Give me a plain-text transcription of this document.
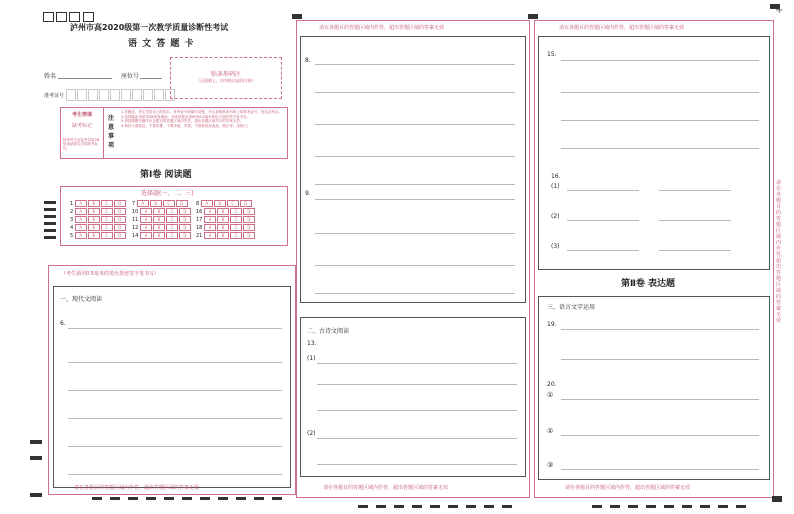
+
泸州市高2020级第一次教学质量诊断性考试
语 文 答 题 卡
姓名	座位号	贴条形码区
（正面朝上，切勿贴出虚线方框）
准考证号
考生禁填
缺考标记
缺考考生由监考员用2B铅笔填涂右边的缺考标记。
注意事项
1.答题前，考生先将自己的姓名、准考证号码填写清楚，并认真核准条形码上的准考证号、姓名及科目。
2.选择题必须使用2B铅笔填涂；非选择题必须使用0.5毫米黑色字迹的签字笔书写。
3.请按照题号顺序在各题目的答题区域内作答，超出答题区域书写的答案无效。
4.保持卡面清洁，不要折叠、不要弄破、弄皱，不准使用涂改液、修正带、刮纸刀。
第Ⅰ卷 阅读题
选择题(一、二、三)
1 A	B	C	D
2 A	B	C	D
3 A	B	C	D
4 A	B	C	D
5 A	B	C	D
7 A	B	C	D
10 A	B	C	D
11 A	B	C	D
12 A	B	C	D
14 A	B	C	D
8 A	B	C	D
16 A	B	C	D
17 A	B	C	D
18 A	B	C	D
21 A	B	C	D
（考生须用0.5毫米的黑色墨迹签字笔书写）
一、现代文阅读
6.
请在各题目的答题区域内作答，超出答题区域的答案无效
请在各题目的答题区域内作答，超出答题区域的答案无效
8.
9.
二、古诗文阅读
13.
(1)
(2)
请在各题目的答题区域内作答，超出答题区域的答案无效
请在各题目的答题区域内作答，超出答题区域的答案无效
15.
16.
(1)
(2)
(3)
第Ⅱ卷 表达题
三、语言文字运用
19.
20.
①
②
③
请在各题目的答题区域内作答，超出答题区域的答案无效
请在各题目的答题区域内作答，超出答题区域的答案无效
